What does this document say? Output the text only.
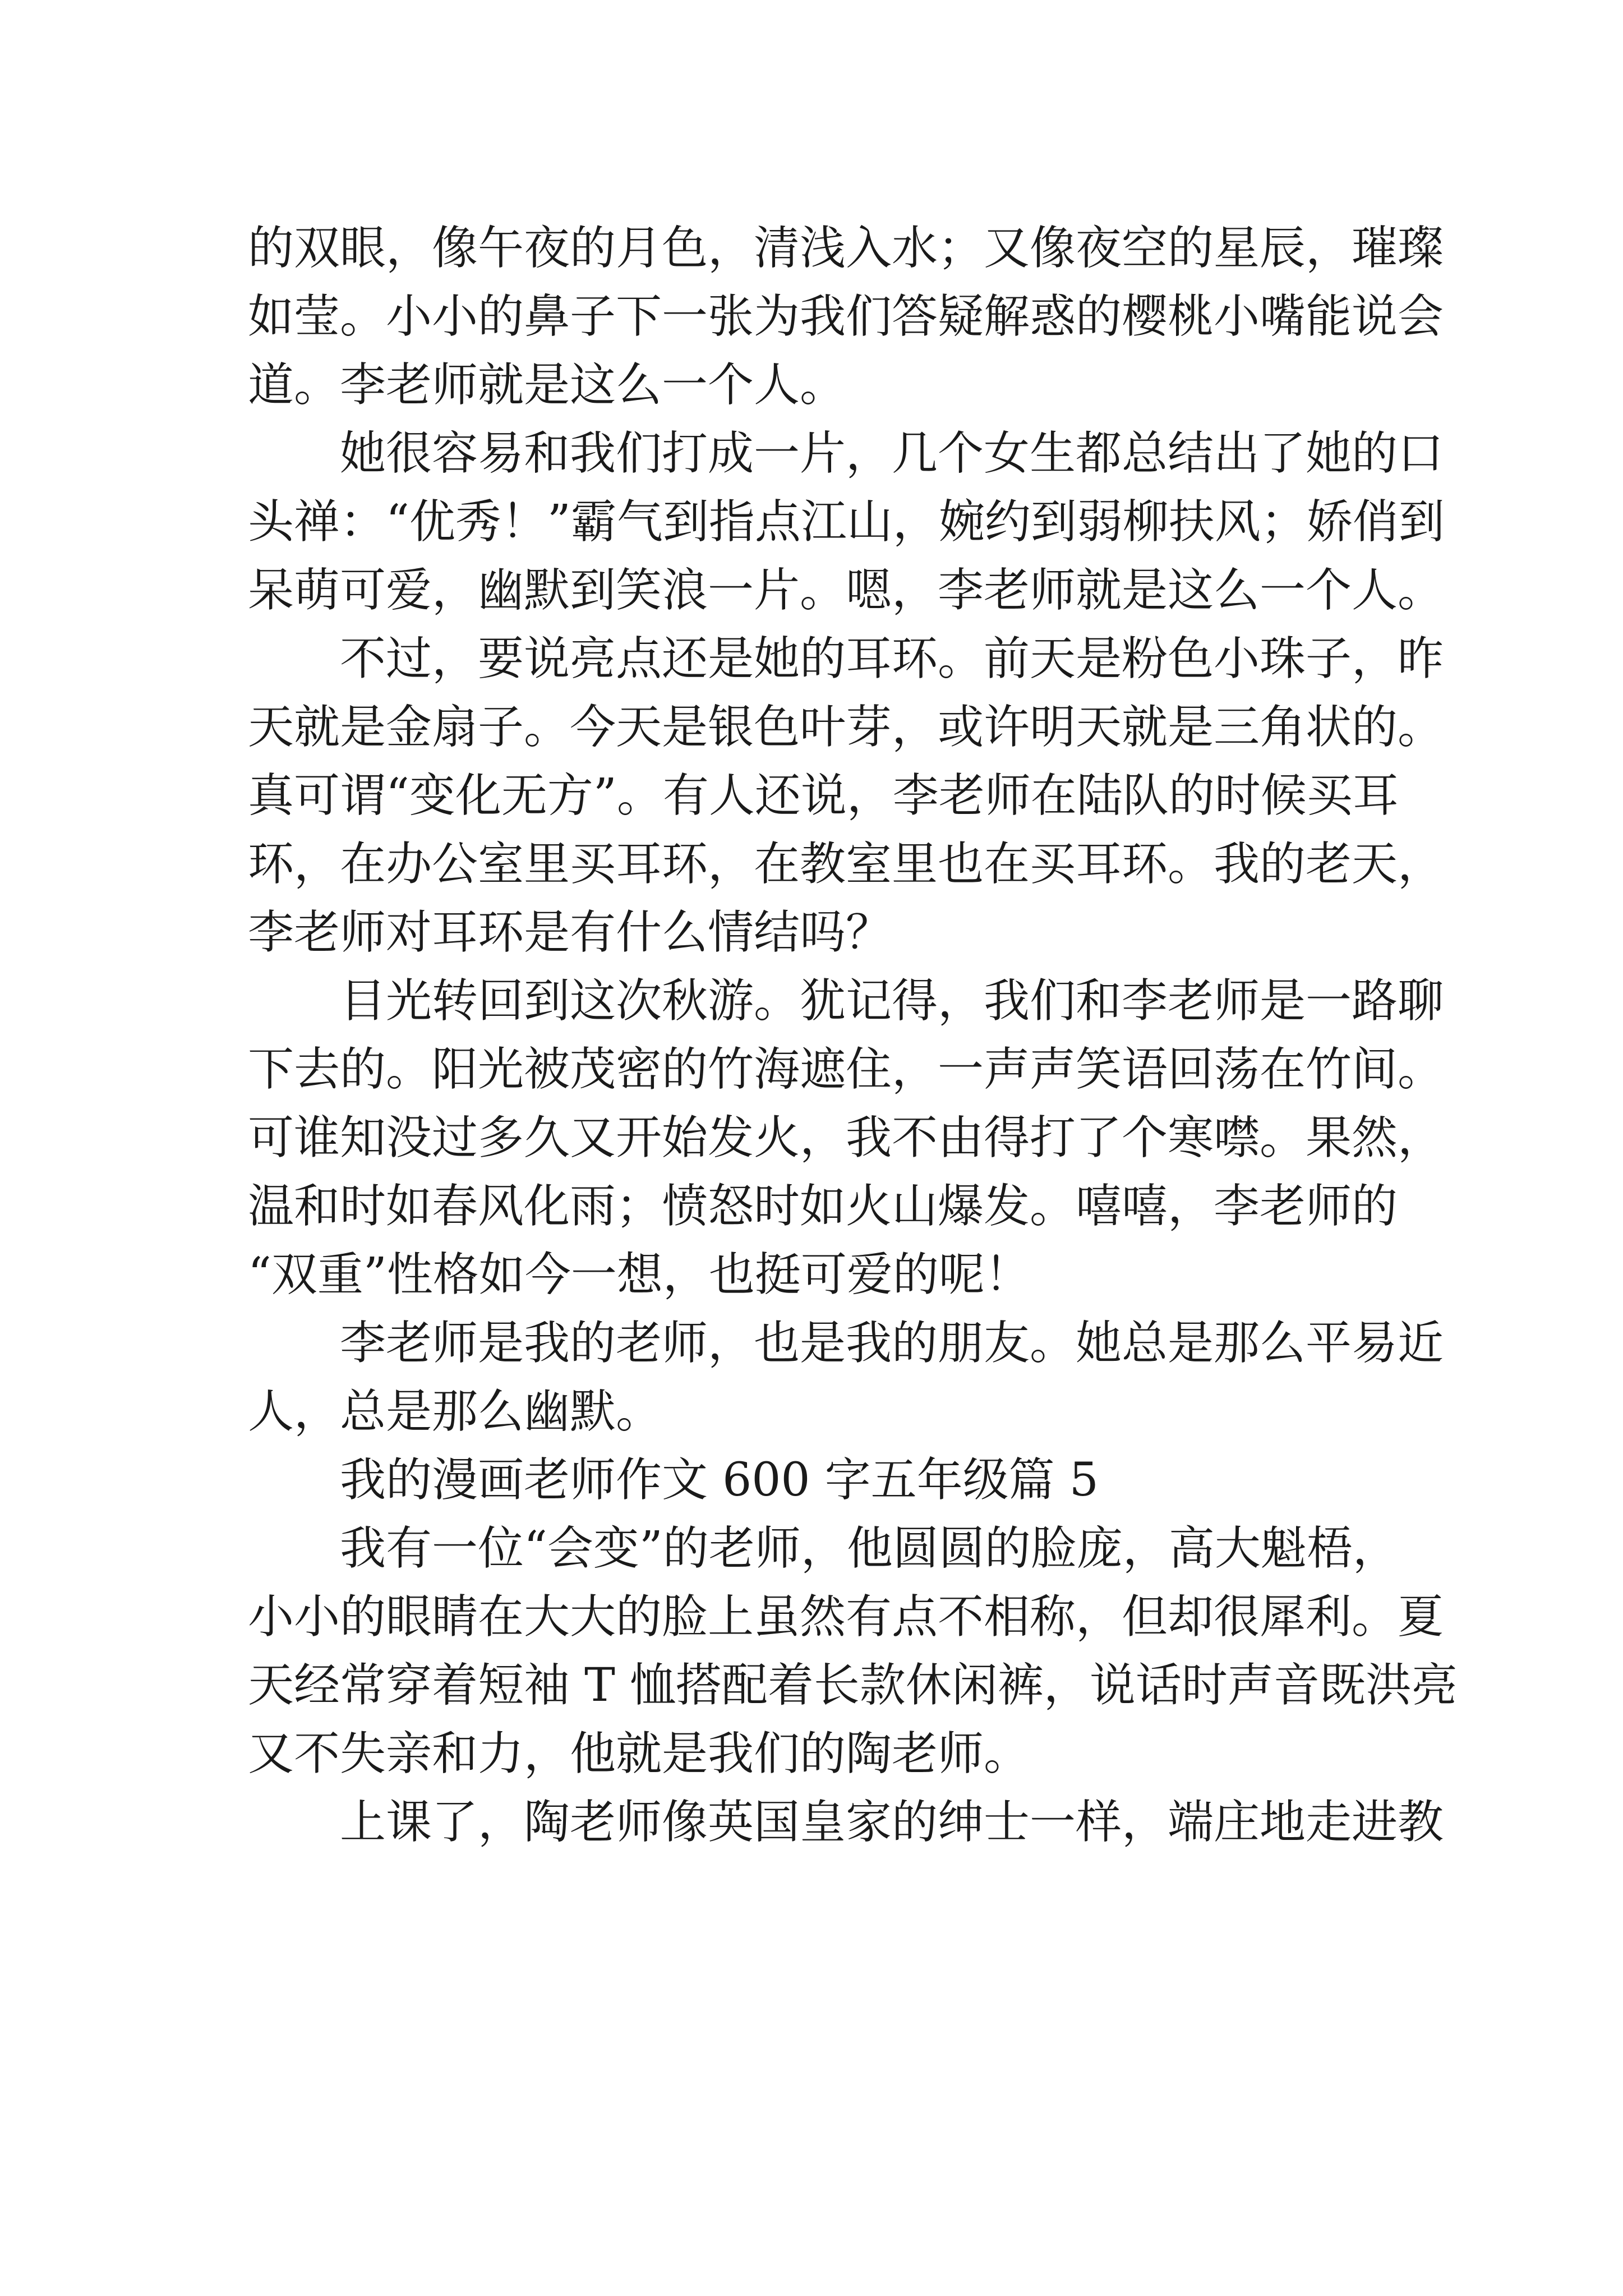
的双眼，像午夜的月色，清浅入水；又像夜空的星辰，璀璨
如莹。小小的鼻子下一张为我们答疑解惑的樱桃小嘴能说会
道。李老师就是这么一个人。
她很容易和我们打成一片，几个女生都总结出了她的口
头禅：“优秀！”霸气到指点江山，婉约到弱柳扶风；娇俏到
呆萌可爱，幽默到笑浪一片。嗯，李老师就是这么一个人。
不过，要说亮点还是她的耳环。前天是粉色小珠子，昨
天就是金扇子。今天是银色叶芽，或许明天就是三角状的。
真可谓“变化无方”。有人还说，李老师在陆队的时候买耳
环，在办公室里买耳环，在教室里也在买耳环。我的老天，
李老师对耳环是有什么情结吗？
目光转回到这次秋游。犹记得，我们和李老师是一路聊
下去的。阳光被茂密的竹海遮住，一声声笑语回荡在竹间。
可谁知没过多久又开始发火，我不由得打了个寒噤。果然，
温和时如春风化雨；愤怒时如火山爆发。嘻嘻，李老师的
“双重”性格如今一想，也挺可爱的呢！
李老师是我的老师，也是我的朋友。她总是那么平易近
人，总是那么幽默。
我的漫画老师作文 600 字五年级篇 5
我有一位“会变”的老师，他圆圆的脸庞，高大魁梧，
小小的眼睛在大大的脸上虽然有点不相称，但却很犀利。夏
天经常穿着短袖 T 恤搭配着长款休闲裤，说话时声音既洪亮
又不失亲和力，他就是我们的陶老师。
上课了，陶老师像英国皇家的绅士一样，端庄地走进教
